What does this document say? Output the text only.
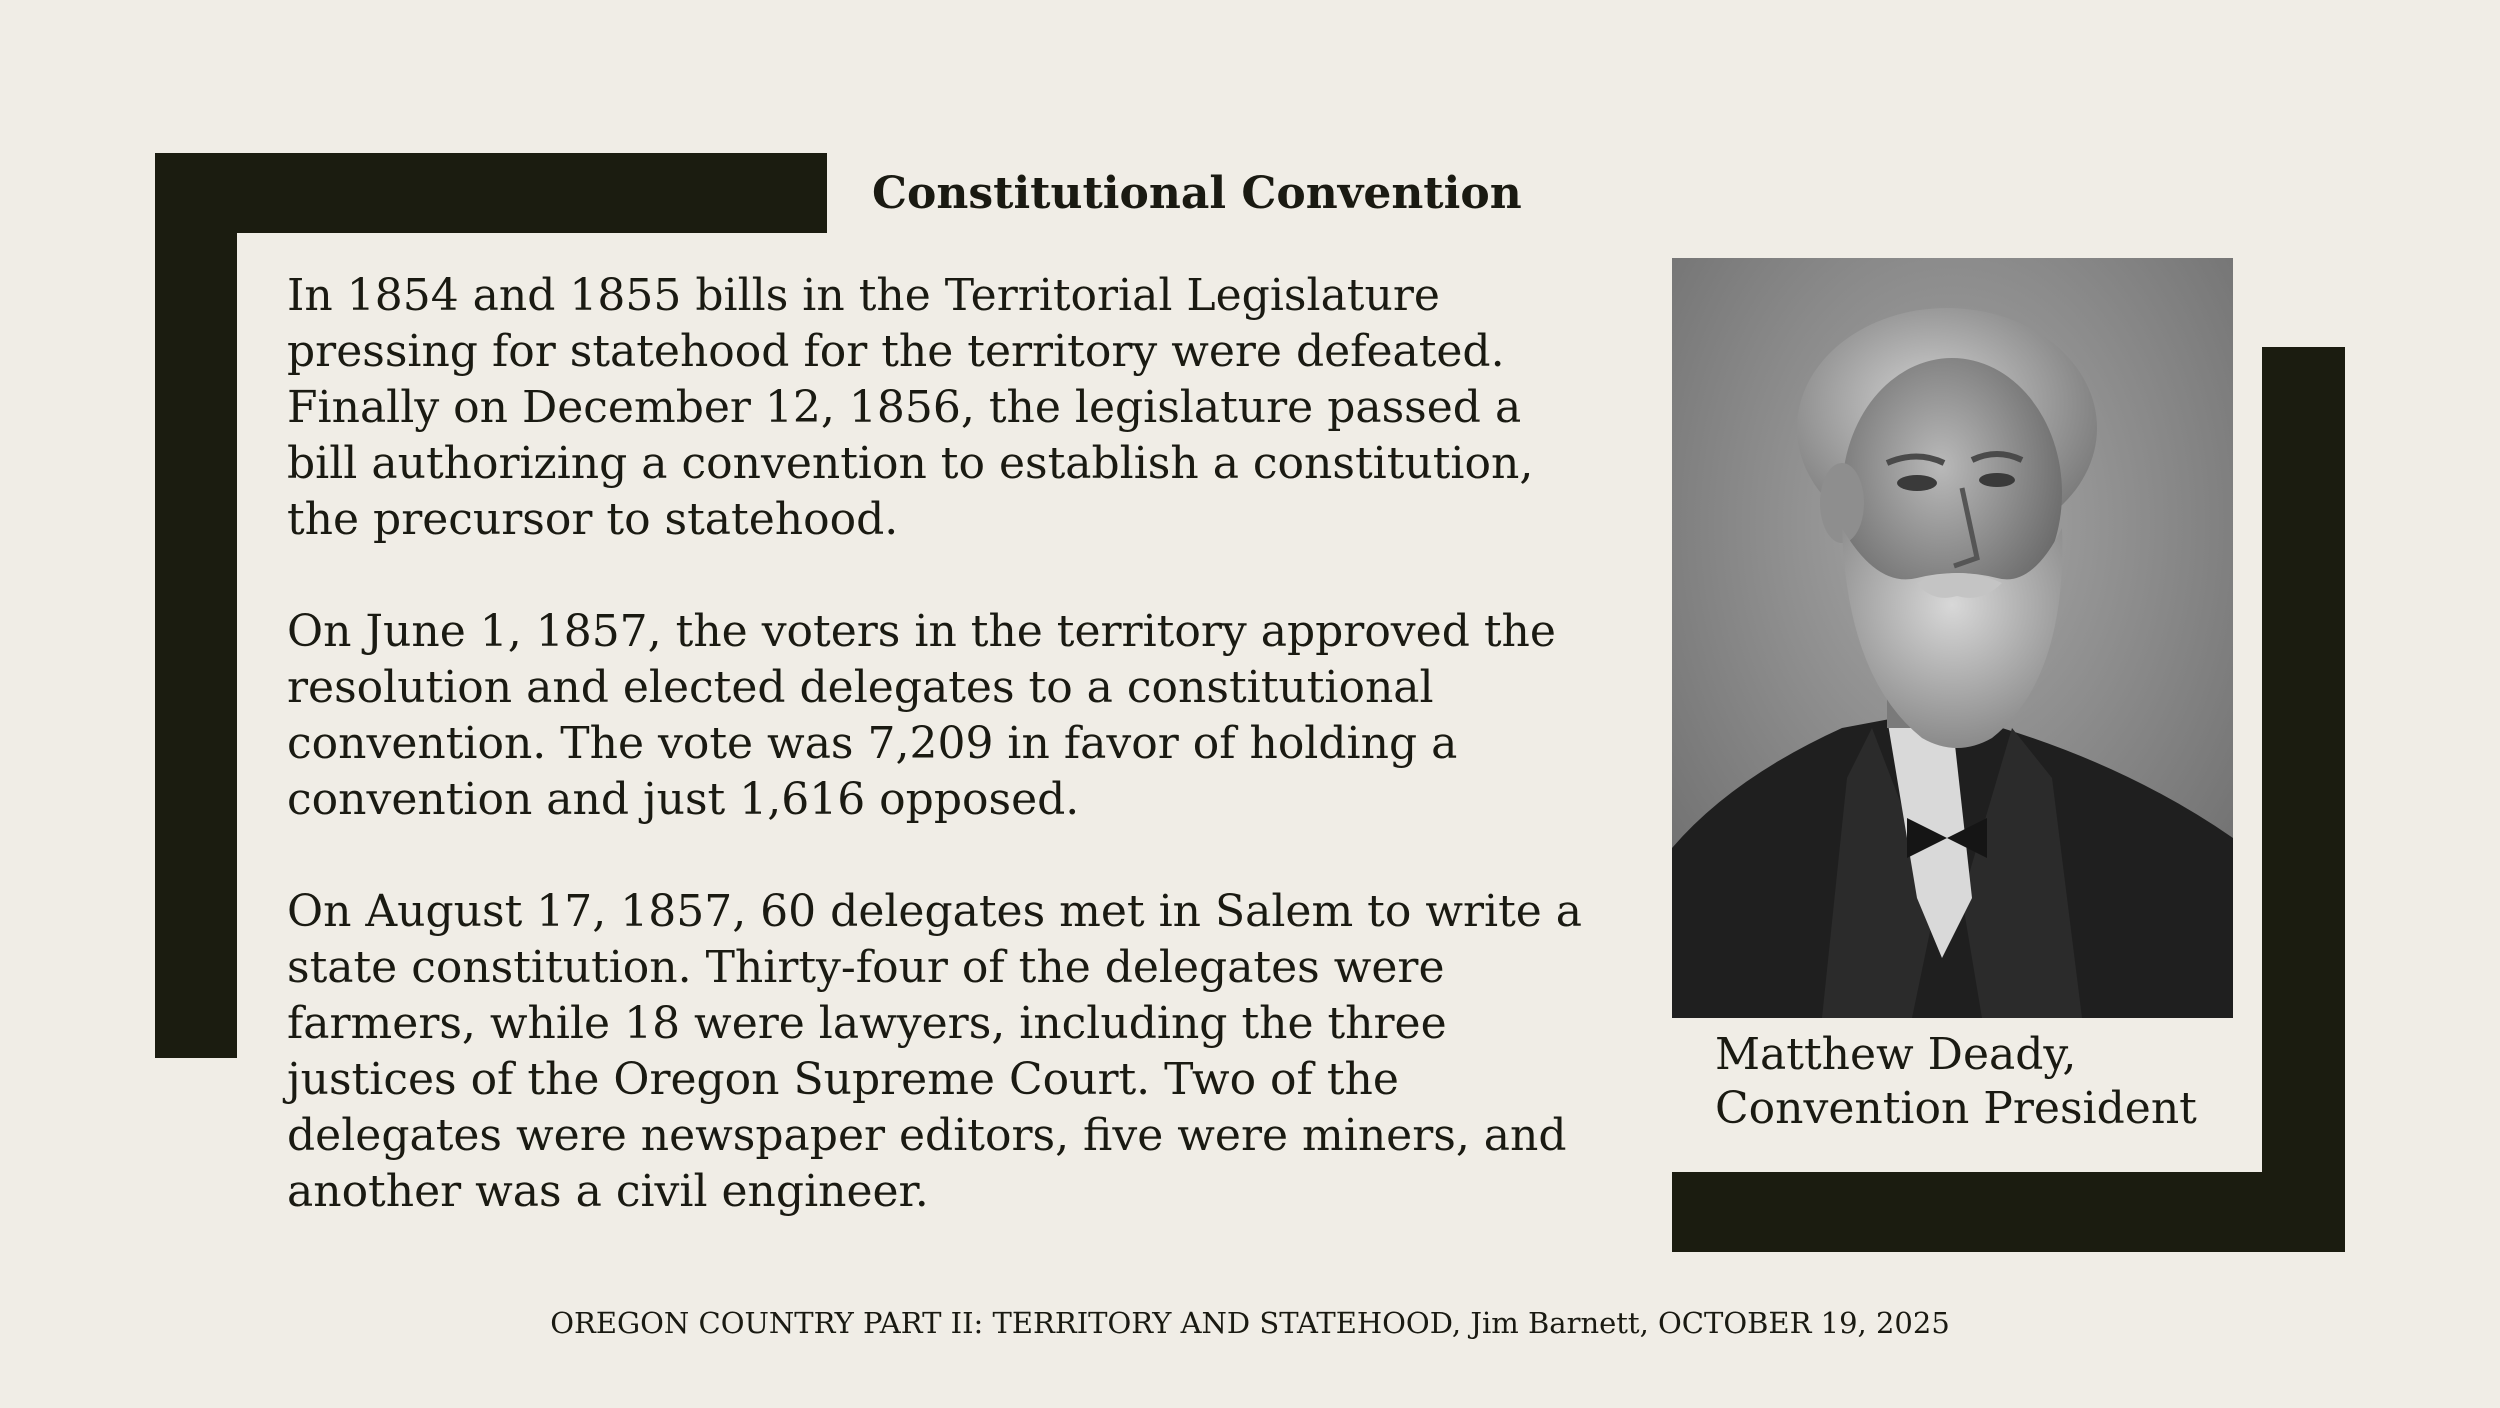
Constitutional Convention

In 1854 and 1855 bills in the Territorial Legislature
pressing for statehood for the territory were defeated.
Finally on December 12, 1856, the legislature passed a
bill authorizing a convention to establish a constitution,
the precursor to statehood.

On June 1, 1857, the voters in the territory approved the
resolution and elected delegates to a constitutional
convention. The vote was 7,209 in favor of holding a
convention and just 1,616 opposed.

On August 17, 1857, 60 delegates met in Salem to write a
state constitution. Thirty-four of the delegates were
farmers, while 18 were lawyers, including the three
justices of the Oregon Supreme Court. Two of the
delegates were newspaper editors, five were miners, and
another was a civil engineer.

Matthew Deady,
Convention President
OREGON COUNTRY PART II: TERRITORY AND STATEHOOD, Jim Barnett, OCTOBER 19, 2025
